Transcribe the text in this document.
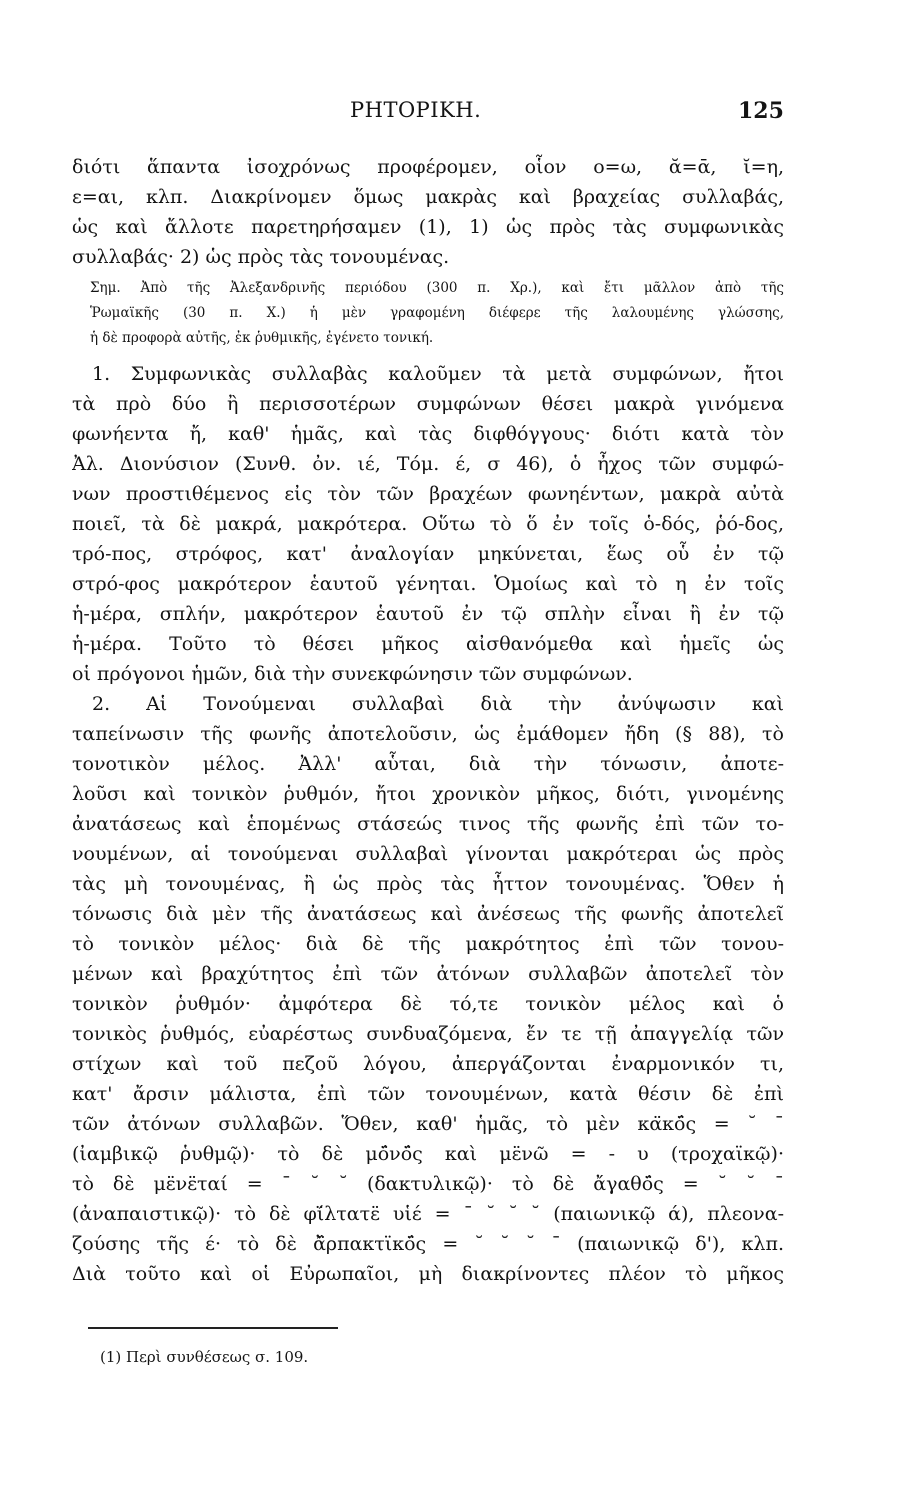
ΡΗΤΟΡΙΚΗ.	125
διότι ἅπαντα ἰσοχρόνως προφέρομεν, οἷον ο=ω, ᾰ=ᾱ, ῐ=η,
ε=αι, κλπ. Διακρίνομεν ὅμως μακρὰς καὶ βραχείας συλλαβάς,
ὡς καὶ ἄλλοτε παρετηρήσαμεν (1), 1) ὡς πρὸς τὰς συμφωνικὰς
συλλαβάς· 2) ὡς πρὸς τὰς τονουμένας.
Σημ. Ἀπὸ τῆς Ἀλεξανδρινῆς περιόδου (300 π. Χρ.), καὶ ἔτι μᾶλλον ἀπὸ τῆς
Ῥωμαϊκῆς (30 π. Χ.) ἡ μὲν γραφομένη διέφερε τῆς λαλουμένης γλώσσης,
ἡ δὲ προφορὰ αὐτῆς, ἐκ ῥυθμικῆς, ἐγένετο τονική.
1. Συμφωνικὰς συλλαβὰς καλοῦμεν τὰ μετὰ συμφώνων, ἤτοι
τὰ πρὸ δύο ἢ περισσοτέρων συμφώνων θέσει μακρὰ γινόμενα
φωνήεντα ἤ, καθ' ἡμᾶς, καὶ τὰς διφθόγγους· διότι κατὰ τὸν
Ἀλ. Διονύσιον (Συνθ. ὀν. ιέ, Τόμ. έ, σ 46), ὁ ἦχος τῶν συμφώ-
νων προστιθέμενος εἰς τὸν τῶν βραχέων φωνηέντων, μακρὰ αὐτὰ
ποιεῖ, τὰ δὲ μακρά, μακρότερα. Οὕτω τὸ ὅ ἐν τοῖς ὁ-δός, ῥό-δος,
τρό-πος, στρόφος, κατ' ἀναλογίαν μηκύνεται, ἕως οὗ ἐν τῷ
στρό-φος μακρότερον ἑαυτοῦ γένηται. Ὁμοίως καὶ τὸ η ἐν τοῖς
ἡ-μέρα, σπλήν, μακρότερον ἑαυτοῦ ἐν τῷ σπλὴν εἶναι ἢ ἐν τῷ
ἡ-μέρα. Τοῦτο τὸ θέσει μῆκος αἰσθανόμεθα καὶ ἡμεῖς ὡς
οἱ πρόγονοι ἡμῶν, διὰ τὴν συνεκφώνησιν τῶν συμφώνων.
2. Αἱ Τονούμεναι συλλαβαὶ διὰ τὴν ἀνύψωσιν καὶ
ταπείνωσιν τῆς φωνῆς ἀποτελοῦσιν, ὡς ἐμάθομεν ἤδη (§ 88), τὸ
τονοτικὸν μέλος. Ἀλλ' αὗται, διὰ τὴν τόνωσιν, ἀποτε-
λοῦσι καὶ τονικὸν ῥυθμόν, ἤτοι χρονικὸν μῆκος, διότι, γινομένης
ἀνατάσεως καὶ ἑπομένως στάσεώς τινος τῆς φωνῆς ἐπὶ τῶν το-
νουμένων, αἱ τονούμεναι συλλαβαὶ γίνονται μακρότεραι ὡς πρὸς
τὰς μὴ τονουμένας, ἢ ὡς πρὸς τὰς ἧττον τονουμένας. Ὅθεν ἡ
τόνωσις διὰ μὲν τῆς ἀνατάσεως καὶ ἀνέσεως τῆς φωνῆς ἀποτελεῖ
τὸ τονικὸν μέλος· διὰ δὲ τῆς μακρότητος ἐπὶ τῶν τονου-
μένων καὶ βραχύτητος ἐπὶ τῶν ἀτόνων συλλαβῶν ἀποτελεῖ τὸν
τονικὸν ῥυθμόν· ἀμφότερα δὲ τό,τε τονικὸν μέλος καὶ ὁ
τονικὸς ῥυθμός, εὐαρέστως συνδυαζόμενα, ἔν τε τῇ ἀπαγγελίᾳ τῶν
στίχων καὶ τοῦ πεζοῦ λόγου, ἀπεργάζονται ἐναρμονικόν τι,
κατ' ἄρσιν μάλιστα, ἐπὶ τῶν τονουμένων, κατὰ θέσιν δὲ ἐπὶ
τῶν ἀτόνων συλλαβῶν. Ὅθεν, καθ' ἡμᾶς, τὸ μὲν κα̈κό̈ς = ˘ ˉ
(ἰαμβικῷ ῥυθμῷ)· τὸ δὲ μό̈νό̈ς καὶ με̈νῶ = - υ (τροχαϊκῷ)·
τὸ δὲ με̈νε̈ταί = ˉ ˘ ˘ (δακτυλικῷ)· τὸ δὲ ἄγαθό̈ς = ˘ ˘ ˉ
(ἀναπαιστικῷ)· τὸ δὲ φί̈λτατε̈ υἱέ = ˉ ˘ ˘ ˘ (παιωνικῷ ά), πλεονα-
ζούσης τῆς έ· τὸ δὲ ἄ̈ρπακτϊκό̈ς = ˘ ˘ ˘ ˉ (παιωνικῷ δ'), κλπ.
Διὰ τοῦτο καὶ οἱ Εὐρωπαῖοι, μὴ διακρίνοντες πλέον τὸ μῆκος
(1) Περὶ συνθέσεως σ. 109.
